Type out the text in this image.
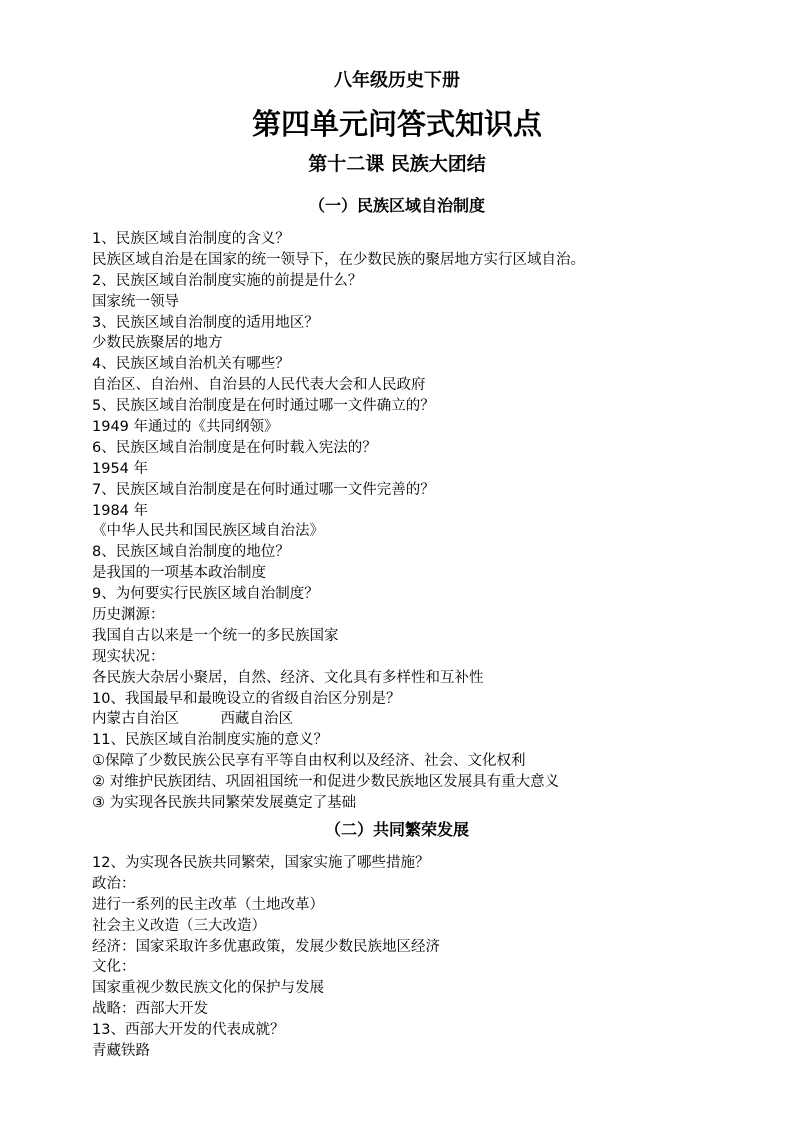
八年级历史下册
第四单元问答式知识点
第十二课 民族大团结
（一）民族区域自治制度
1、民族区域自治制度的含义？
民族区域自治是在国家的统一领导下，在少数民族的聚居地方实行区域自治。
2、民族区域自治制度实施的前提是什么？
国家统一领导
3、民族区域自治制度的适用地区？
少数民族聚居的地方
4、民族区域自治机关有哪些？
自治区、自治州、自治县的人民代表大会和人民政府
5、民族区域自治制度是在何时通过哪一文件确立的？
1949 年通过的《共同纲领》
6、民族区域自治制度是在何时载入宪法的？
1954 年
7、民族区域自治制度是在何时通过哪一文件完善的？
1984 年
《中华人民共和国民族区域自治法》
8、民族区域自治制度的地位？
是我国的一项基本政治制度
9、为何要实行民族区域自治制度？
历史渊源：
我国自古以来是一个统一的多民族国家
现实状况：
各民族大杂居小聚居，自然、经济、文化具有多样性和互补性
10、我国最早和最晚设立的省级自治区分别是？
内蒙古自治区         西藏自治区
11、民族区域自治制度实施的意义？
①保障了少数民族公民享有平等自由权利以及经济、社会、文化权利
② 对维护民族团结、巩固祖国统一和促进少数民族地区发展具有重大意义
③ 为实现各民族共同繁荣发展奠定了基础
（二）共同繁荣发展
12、为实现各民族共同繁荣，国家实施了哪些措施？
政治：
进行一系列的民主改革（土地改革）
社会主义改造（三大改造）
经济：国家采取许多优惠政策，发展少数民族地区经济
文化：
国家重视少数民族文化的保护与发展
战略：西部大开发
13、西部大开发的代表成就？
青藏铁路
